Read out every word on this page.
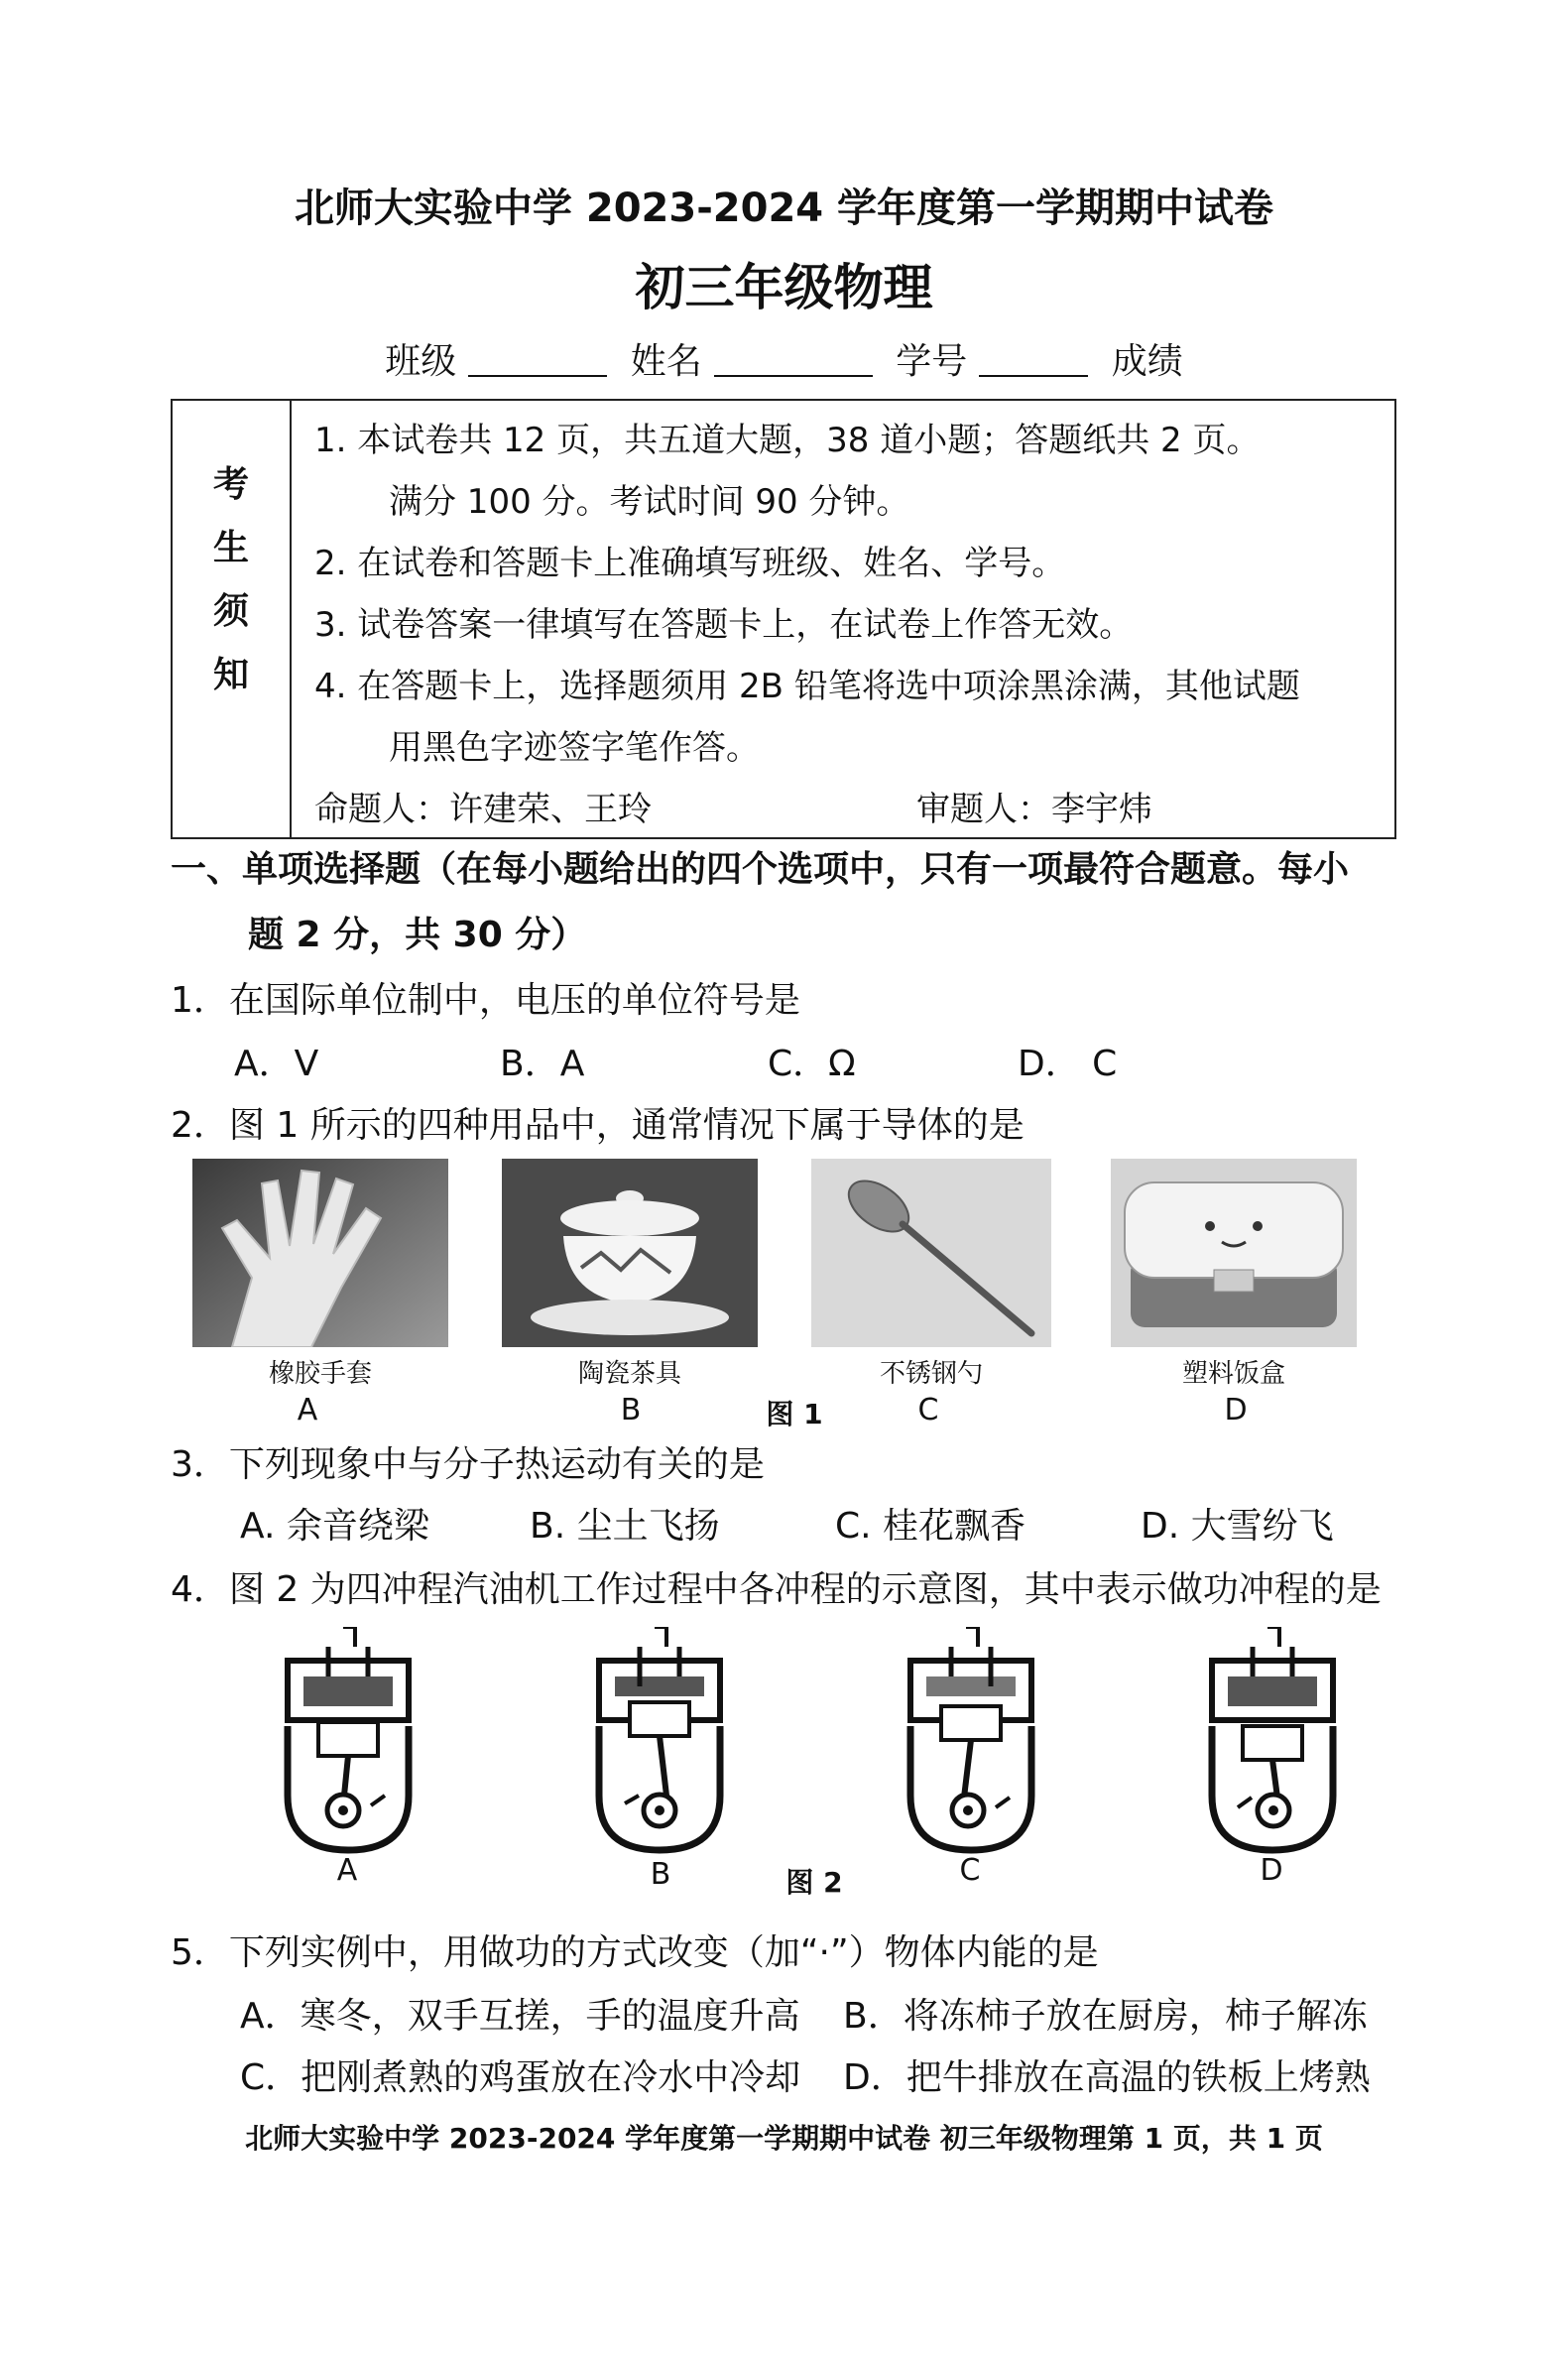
北师大实验中学 2023-2024 学年度第一学期期中试卷
初三年级物理
班级	姓名	学号	成绩
考
生
须
知
1. 本试卷共 12 页，共五道大题，38 道小题；答题纸共 2 页。
满分 100 分。考试时间 90 分钟。
2. 在试卷和答题卡上准确填写班级、姓名、学号。
3. 试卷答案一律填写在答题卡上，在试卷上作答无效。
4. 在答题卡上，选择题须用 2B 铅笔将选中项涂黑涂满，其他试题
用黑色字迹签字笔作答。
命题人：许建荣、王玲	审题人：李宇炜
一、单项选择题（在每小题给出的四个选项中，只有一项最符合题意。每小
题 2 分，共 30 分）
1．在国际单位制中，电压的单位符号是
A．V	B．A	C．Ω	D． C
2．图 1 所示的四种用品中，通常情况下属于导体的是
橡胶手套	陶瓷茶具	不锈钢勺	塑料饭盒
A	B	图 1	C	D
3．下列现象中与分子热运动有关的是
A. 余音绕梁	B. 尘土飞扬	C. 桂花飘香	D. 大雪纷飞
4．图 2 为四冲程汽油机工作过程中各冲程的示意图，其中表示做功冲程的是
A	B	图 2	C	D
5．下列实例中，用做功的方式改变（加“·”）物体内能的是
A．寒冬，双手互搓，手的温度升高 B．将冻柿子放在厨房，柿子解冻
C．把刚煮熟的鸡蛋放在冷水中冷却 D．把牛排放在高温的铁板上烤熟
北师大实验中学 2023-2024 学年度第一学期期中试卷 初三年级物理第 1 页，共 1 页
